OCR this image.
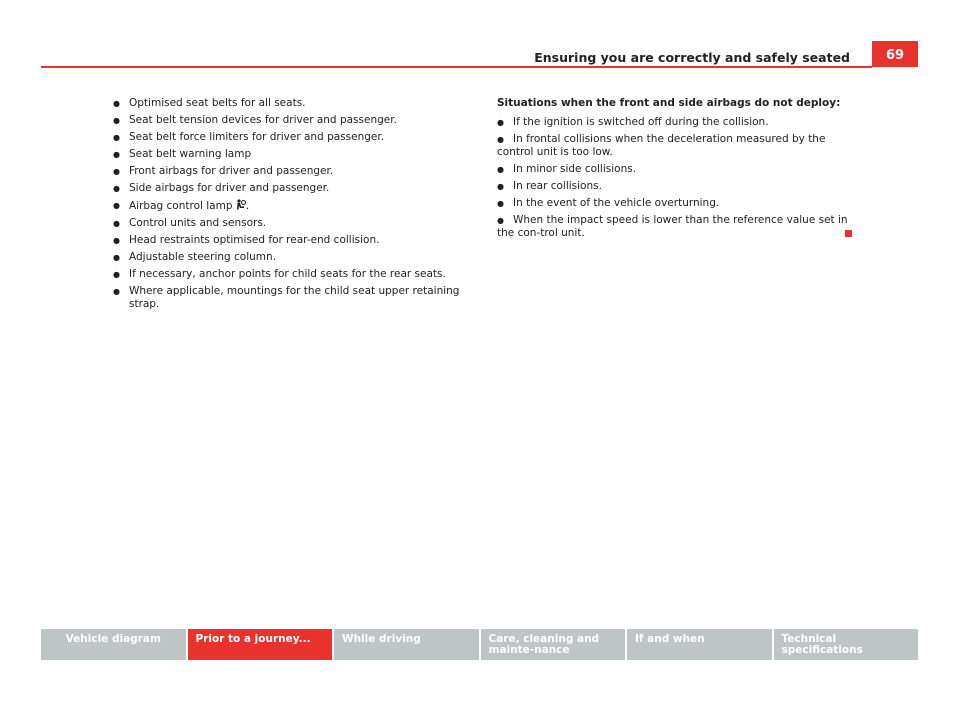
Ensuring you are correctly and safely seated	69
● Optimised seat belts for all seats.
● Seat belt tension devices for driver and passenger.
● Seat belt force limiters for driver and passenger.
● Seat belt warning lamp
● Front airbags for driver and passenger.
● Side airbags for driver and passenger.
● Airbag control lamp .
● Control units and sensors.
● Head restraints optimised for rear-end collision.
● Adjustable steering column.
● If necessary, anchor points for child seats for the rear seats.
● Where applicable, mountings for the child seat upper retaining strap.
Situations when the front and side airbags do not deploy:
● If the ignition is switched off during the collision.
● In frontal collisions when the deceleration measured by the control unit is too low.
● In minor side collisions.
● In rear collisions.
● In the event of the vehicle overturning.
● When the impact speed is lower than the reference value set in the con-trol unit.
Vehicle diagram	Prior to a journey...	While driving	Care, cleaning and mainte-nance
If and when	Technical specifications
